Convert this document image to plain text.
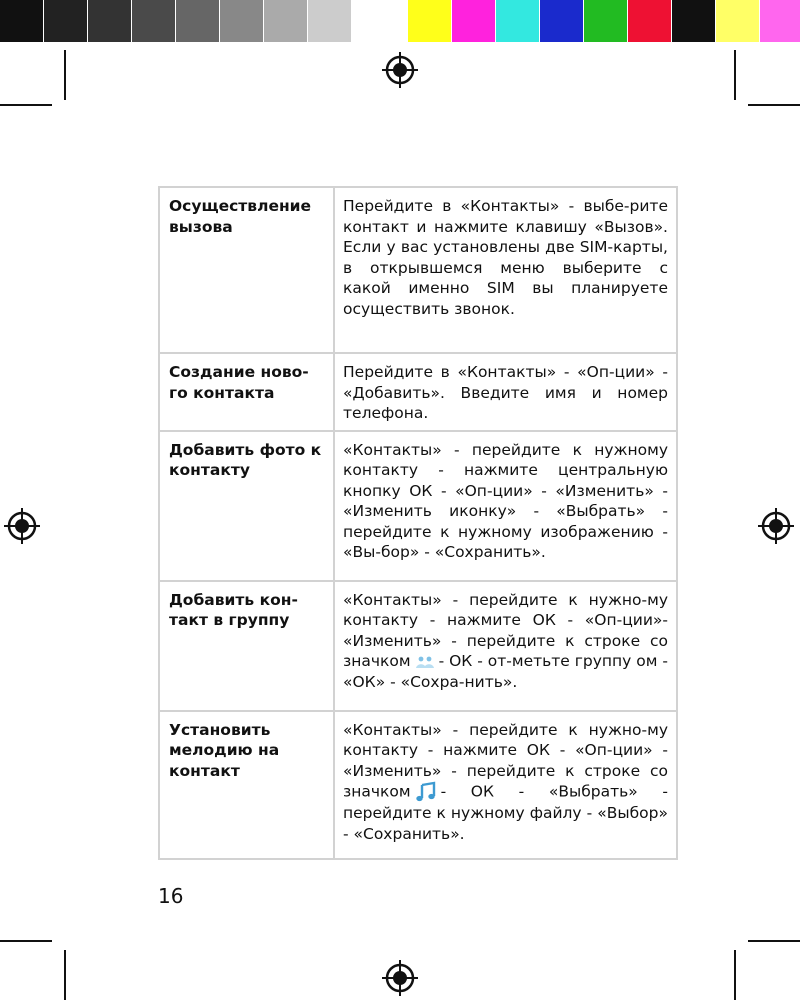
Осуществление вызова	Перейдите в «Контакты» - выбе-рите контакт и нажмите клавишу «Вызов». Если у вас установлены две SIM-карты, в открывшемся меню выберите с какой именно SIM вы планируете осуществить звонок.
Создание ново-го контакта	Перейдите в «Контакты» - «Оп-ции» - «Добавить». Введите имя и номер телефона.
Добавить фото к контакту	«Контакты» - перейдите к нужному контакту - нажмите центральную кнопку ОК - «Оп-ции» - «Изменить» - «Изменить иконку» - «Выбрать» - перейдите к нужному изображению - «Вы-бор» - «Сохранить».
Добавить кон-такт в группу	«Контакты» - перейдите к нужно-му контакту - нажмите ОК - «Оп-ции»- «Изменить» - перейдите к строке со значком - ОК - от-метьте группу ом - «ОК» - «Сохра-нить».
Установить мелодию на контакт	«Контакты» - перейдите к нужно-му контакту - нажмите ОК - «Оп-ции» - «Изменить» - перейдите к строке со значком - ОК - «Выбрать» - перейдите к нужному файлу - «Выбор» - «Сохранить».
16
